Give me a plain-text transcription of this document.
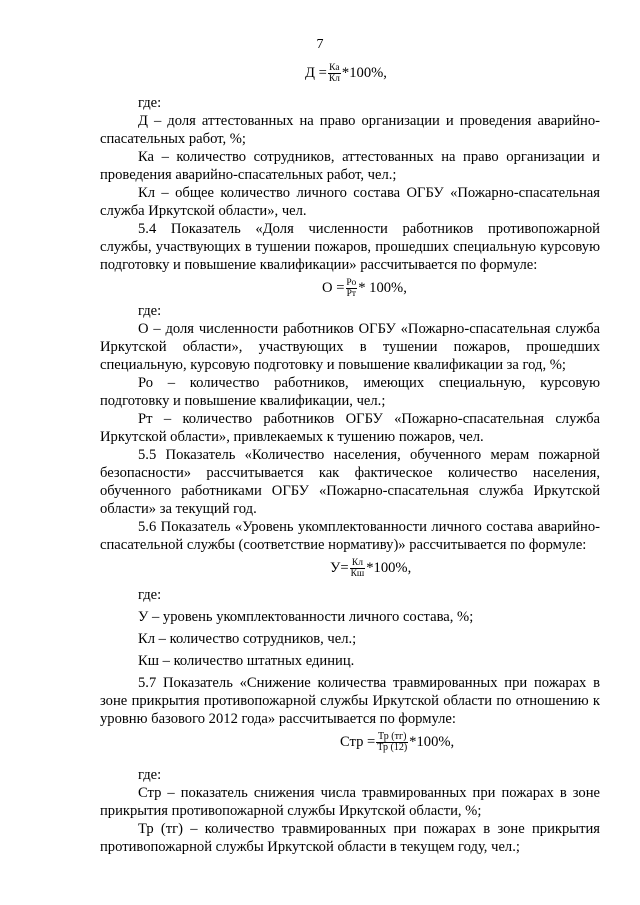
7
$Д = \frac{Ка}{Кл} *100\%$,

где:

Д – доля аттестованных на право организации и проведения аварийно-спасательных работ, %;

Ка – количество сотрудников, аттестованных на право организации и проведения аварийно-спасательных работ, чел.;

Кл – общее количество личного состава ОГБУ «Пожарно-спасательная служба Иркутской области», чел.

5.4 Показатель «Доля численности работников противопожарной службы, участвующих в тушении пожаров, прошедших специальную курсовую подготовку и повышение квалификации» рассчитывается по формуле:

$О = \frac{Ро}{Рт} * 100\%$,

где:

О – доля численности работников ОГБУ «Пожарно-спасательная служба Иркутской области», участвующих в тушении пожаров, прошедших специальную, курсовую подготовку и повышение квалификации за год, %;

Ро – количество работников, имеющих специальную, курсовую подготовку и повышение квалификации, чел.;

Рт – количество работников ОГБУ «Пожарно-спасательная служба Иркутской области», привлекаемых к тушению пожаров, чел.

5.5 Показатель «Количество населения, обученного мерам пожарной безопасности» рассчитывается как фактическое количество населения, обученного работниками ОГБУ «Пожарно-спасательная служба Иркутской области» за текущий год.

5.6 Показатель «Уровень укомплектованности личного состава аварийно-спасательной службы (соответствие нормативу)» рассчитывается по формуле:

$У= \frac{Кл}{Кш} *100\%$,

где:

У – уровень укомплектованности личного состава, %;

Кл – количество сотрудников, чел.;

Кш – количество штатных единиц.

5.7 Показатель «Снижение количества травмированных при пожарах в зоне прикрытия противопожарной службы Иркутской области по отношению к уровню базового 2012 года» рассчитывается по формуле:

Стр = $\frac{Тр (тг)}{Тр (12)} *100\%$,

где:

Стр – показатель снижения числа травмированных при пожарах в зоне прикрытия противопожарной службы Иркутской области, %;

Тр (тг) – количество травмированных при пожарах в зоне прикрытия противопожарной службы Иркутской области в текущем году, чел.;
